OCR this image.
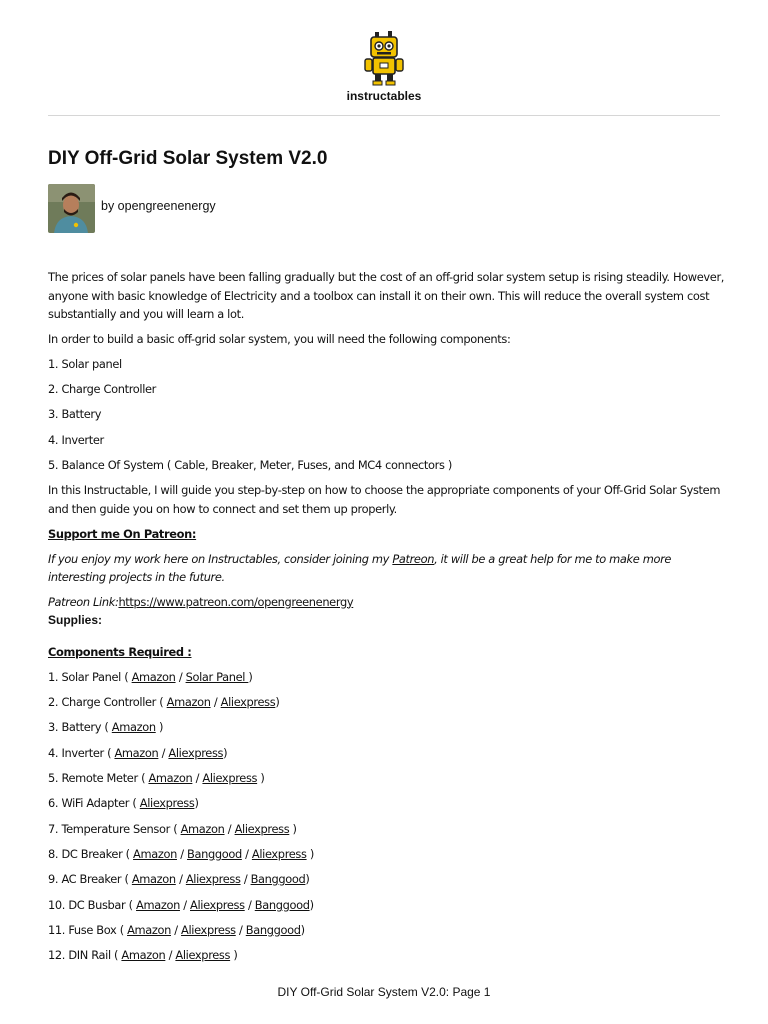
instructables
DIY Off-Grid Solar System V2.0
by opengreenenergy

The prices of solar panels have been falling gradually but the cost of an off-grid solar system setup is rising steadily. However, anyone with basic knowledge of Electricity and a toolbox can install it on their own. This will reduce the overall system cost substantially and you will learn a lot.

In order to build a basic off-grid solar system, you will need the following components:

1. Solar panel

2. Charge Controller

3. Battery

4. Inverter

5. Balance Of System ( Cable, Breaker, Meter, Fuses, and MC4 connectors )

In this Instructable, I will guide you step-by-step on how to choose the appropriate components of your Off-Grid Solar System and then guide you on how to connect and set them up properly.

Support me On Patreon:

If you enjoy my work here on Instructables, consider joining my Patreon, it will be a great help for me to make more interesting projects in the future.

Patreon Link:https://www.patreon.com/opengreenenergy

Supplies:

Components Required :

1. Solar Panel ( Amazon / Solar Panel )

2. Charge Controller ( Amazon / Aliexpress)

3. Battery ( Amazon )

4. Inverter ( Amazon / Aliexpress)

5. Remote Meter ( Amazon / Aliexpress )

6. WiFi Adapter ( Aliexpress)

7. Temperature Sensor ( Amazon / Aliexpress )

8. DC Breaker ( Amazon / Banggood / Aliexpress )

9. AC Breaker ( Amazon / Aliexpress / Banggood)

10. DC Busbar ( Amazon / Aliexpress / Banggood)

11. Fuse Box ( Amazon / Aliexpress / Banggood)

12. DIN Rail ( Amazon / Aliexpress )

DIY Off-Grid Solar System V2.0: Page 1
